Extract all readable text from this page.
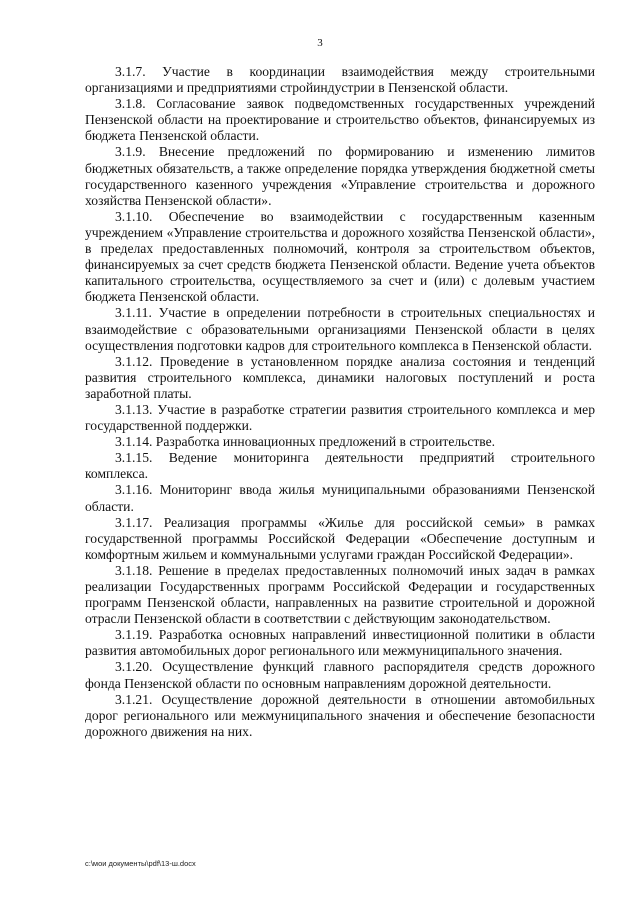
3

3.1.7. Участие в координации взаимодействия между строительными организациями и предприятиями стройиндустрии в Пензенской области.

3.1.8. Согласование заявок подведомственных государственных учреждений Пензенской области на проектирование и строительство объектов, финансируемых из бюджета Пензенской области.

3.1.9. Внесение предложений по формированию и изменению лимитов бюджетных обязательств, а также определение порядка утверждения бюджетной сметы государственного казенного учреждения «Управление строительства и дорожного хозяйства Пензенской области».

3.1.10. Обеспечение во взаимодействии с государственным казенным учреждением «Управление строительства и дорожного хозяйства Пензенской области», в пределах предоставленных полномочий, контроля за строительством объектов, финансируемых за счет средств бюджета Пензенской области. Ведение учета объектов капитального строительства, осуществляемого за счет и (или) с долевым участием бюджета Пензенской области.

3.1.11. Участие в определении потребности в строительных специальностях и взаимодействие с образовательными организациями Пензенской области в целях осуществления подготовки кадров для строительного комплекса в Пензенской области.

3.1.12. Проведение в установленном порядке анализа состояния и тенденций развития строительного комплекса, динамики налоговых поступлений и роста заработной платы.

3.1.13. Участие в разработке стратегии развития строительного комплекса и мер государственной поддержки.

3.1.14. Разработка инновационных предложений в строительстве.

3.1.15. Ведение мониторинга деятельности предприятий строительного комплекса.

3.1.16. Мониторинг ввода жилья муниципальными образованиями Пензенской области.

3.1.17. Реализация программы «Жилье для российской семьи» в рамках государственной программы Российской Федерации «Обеспечение доступным и комфортным жильем и коммунальными услугами граждан Российской Федерации».

3.1.18. Решение в пределах предоставленных полномочий иных задач в рамках реализации Государственных программ Российской Федерации и государственных программ Пензенской области, направленных на развитие строительной и дорожной отрасли Пензенской области в соответствии с действующим законодательством.

3.1.19. Разработка основных направлений инвестиционной политики в области развития автомобильных дорог регионального или межмуниципального значения.

3.1.20. Осуществление функций главного распорядителя средств дорожного фонда Пензенской области по основным направлениям дорожной деятельности.

3.1.21. Осуществление дорожной деятельности в отношении автомобильных дорог регионального или межмуниципального значения и обеспечение безопасности дорожного движения на них.

c:\мои документы\pdf\13-ш.docx
